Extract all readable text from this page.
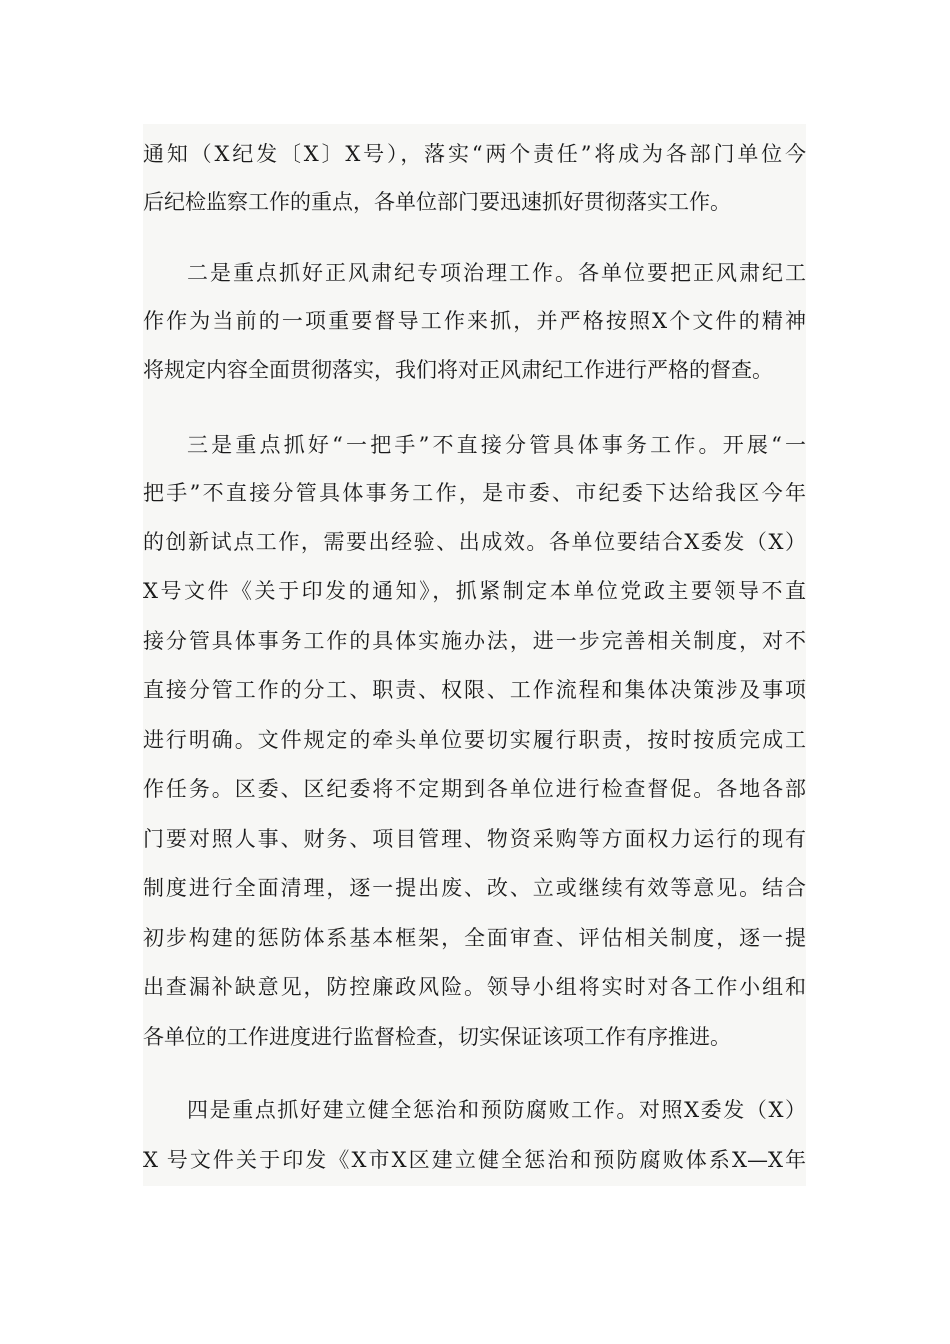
通知（X纪发〔X〕X号），落实“两个责任”将成为各部门单位今
后纪检监察工作的重点，各单位部门要迅速抓好贯彻落实工作。
二是重点抓好正风肃纪专项治理工作。各单位要把正风肃纪工
作作为当前的一项重要督导工作来抓，并严格按照X个文件的精神
将规定内容全面贯彻落实，我们将对正风肃纪工作进行严格的督查。
三是重点抓好“一把手”不直接分管具体事务工作。开展“一
把手”不直接分管具体事务工作，是市委、市纪委下达给我区今年
的创新试点工作，需要出经验、出成效。各单位要结合X委发（X）
X号文件《关于印发的通知》，抓紧制定本单位党政主要领导不直
接分管具体事务工作的具体实施办法，进一步完善相关制度，对不
直接分管工作的分工、职责、权限、工作流程和集体决策涉及事项
进行明确。文件规定的牵头单位要切实履行职责，按时按质完成工
作任务。区委、区纪委将不定期到各单位进行检查督促。各地各部
门要对照人事、财务、项目管理、物资采购等方面权力运行的现有
制度进行全面清理，逐一提出废、改、立或继续有效等意见。结合
初步构建的惩防体系基本框架，全面审查、评估相关制度，逐一提
出查漏补缺意见，防控廉政风险。领导小组将实时对各工作小组和
各单位的工作进度进行监督检查，切实保证该项工作有序推进。
四是重点抓好建立健全惩治和预防腐败工作。对照X委发（X）
X 号文件关于印发《X市X区建立健全惩治和预防腐败体系X—X年
